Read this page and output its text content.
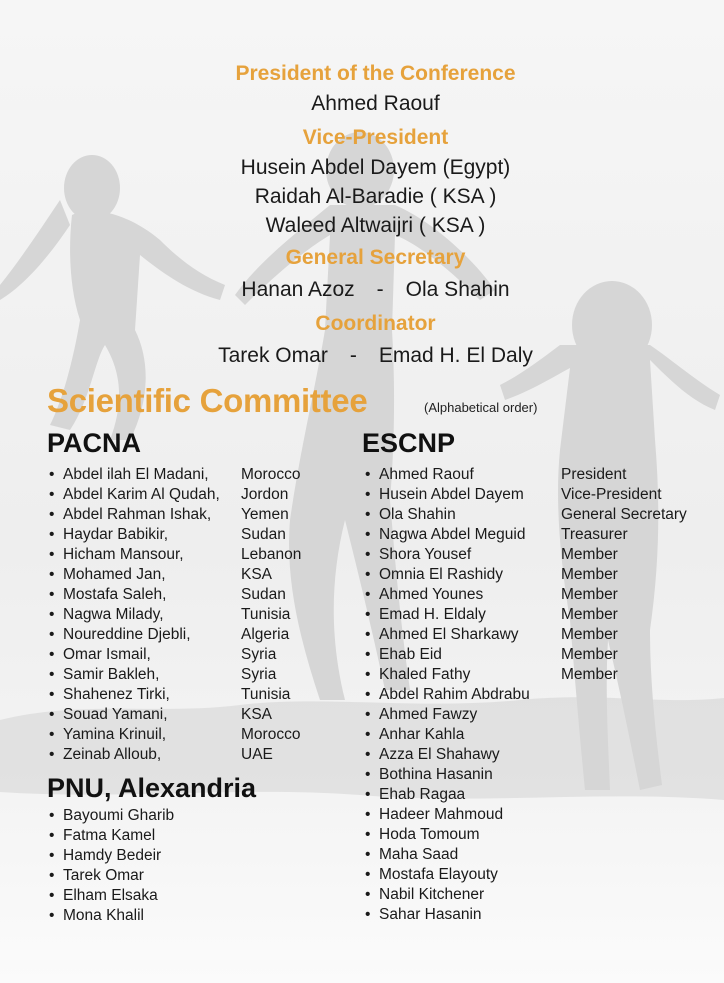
President of the Conference
Ahmed Raouf
Vice-President
Husein Abdel Dayem (Egypt)
Raidah Al-Baradie ( KSA )
Waleed Altwaijri ( KSA )
General Secretary
Hanan Azoz - Ola Shahin
Coordinator
Tarek Omar - Emad H. El Daly
Scientific Committee	(Alphabetical order)
PACNA
• Abdel ilah El Madani, Morocco
• Abdel Karim Al Qudah, Jordon
• Abdel Rahman Ishak, Yemen
• Haydar Babikir,	Sudan
• Hicham Mansour,	Lebanon
• Mohamed Jan,	KSA
• Mostafa Saleh,	Sudan
• Nagwa Milady,	Tunisia
• Noureddine Djebli,	Algeria
• Omar Ismail,	Syria
• Samir Bakleh,	Syria
• Shahenez Tirki,	Tunisia
• Souad Yamani,	KSA
• Yamina Krinuil,	Morocco
• Zeinab Alloub,	UAE
PNU, Alexandria
• Bayoumi Gharib
• Fatma Kamel
• Hamdy Bedeir
• Tarek Omar
• Elham Elsaka
• Mona Khalil
ESCNP
• Ahmed Raouf	President
• Husein Abdel Dayem Vice-President
• Ola Shahin	General Secretary
• Nagwa Abdel Meguid Treasurer
• Shora Yousef	Member
• Omnia El Rashidy	Member
• Ahmed Younes	Member
• Emad H. Eldaly	Member
• Ahmed El Sharkawy	Member
• Ehab Eid	Member
• Khaled Fathy	Member
• Abdel Rahim Abdrabu
• Ahmed Fawzy
• Anhar Kahla
• Azza El Shahawy
• Bothina Hasanin
• Ehab Ragaa
• Hadeer Mahmoud
• Hoda Tomoum
• Maha Saad
• Mostafa Elayouty
• Nabil Kitchener
• Sahar Hasanin
